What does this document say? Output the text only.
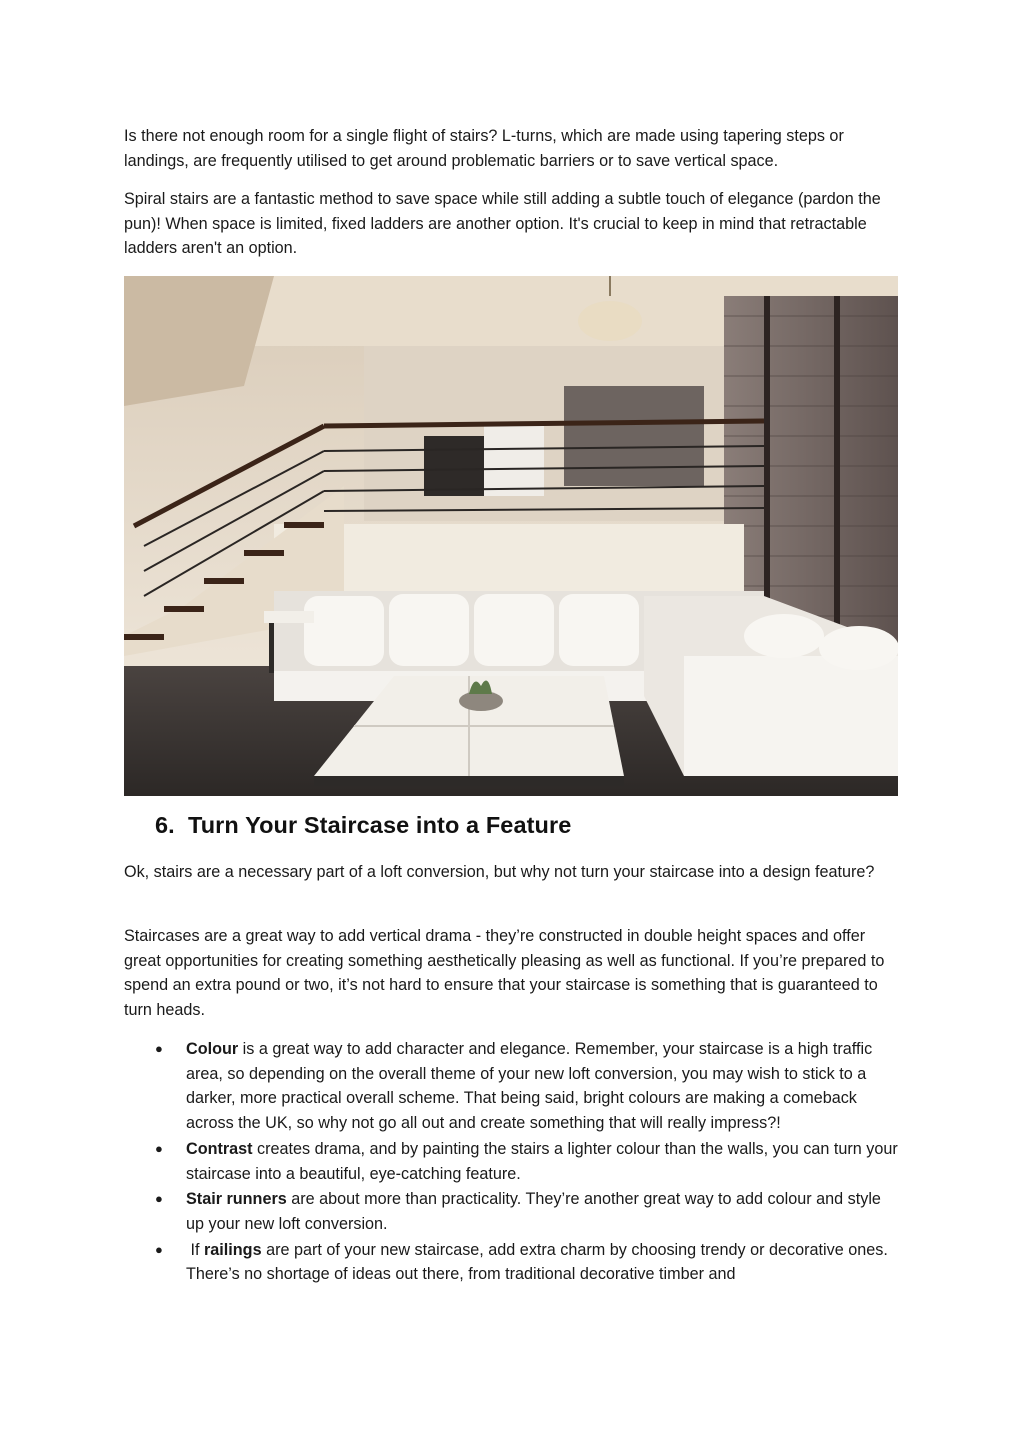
Is there not enough room for a single flight of stairs? L-turns, which are made using tapering steps or landings, are frequently utilised to get around problematic barriers or to save vertical space.

Spiral stairs are a fantastic method to save space while still adding a subtle touch of elegance (pardon the pun)! When space is limited, fixed ladders are another option. It's crucial to keep in mind that retractable ladders aren't an option.

6. Turn Your Staircase into a Feature

Ok, stairs are a necessary part of a loft conversion, but why not turn your staircase into a design feature?

Staircases are a great way to add vertical drama - they’re constructed in double height spaces and offer great opportunities for creating something aesthetically pleasing as well as functional. If you’re prepared to spend an extra pound or two, it’s not hard to ensure that your staircase is something that is guaranteed to turn heads.

● Colour is a great way to add character and elegance. Remember, your staircase is a high traffic area, so depending on the overall theme of your new loft conversion, you may wish to stick to a darker, more practical overall scheme. That being said, bright colours are making a comeback across the UK, so why not go all out and create something that will really impress?!
● Contrast creates drama, and by painting the stairs a lighter colour than the walls, you can turn your staircase into a beautiful, eye-catching feature.
● Stair runners are about more than practicality. They’re another great way to add colour and style up your new loft conversion.
● If railings are part of your new staircase, add extra charm by choosing trendy or decorative ones. There’s no shortage of ideas out there, from traditional decorative timber and
